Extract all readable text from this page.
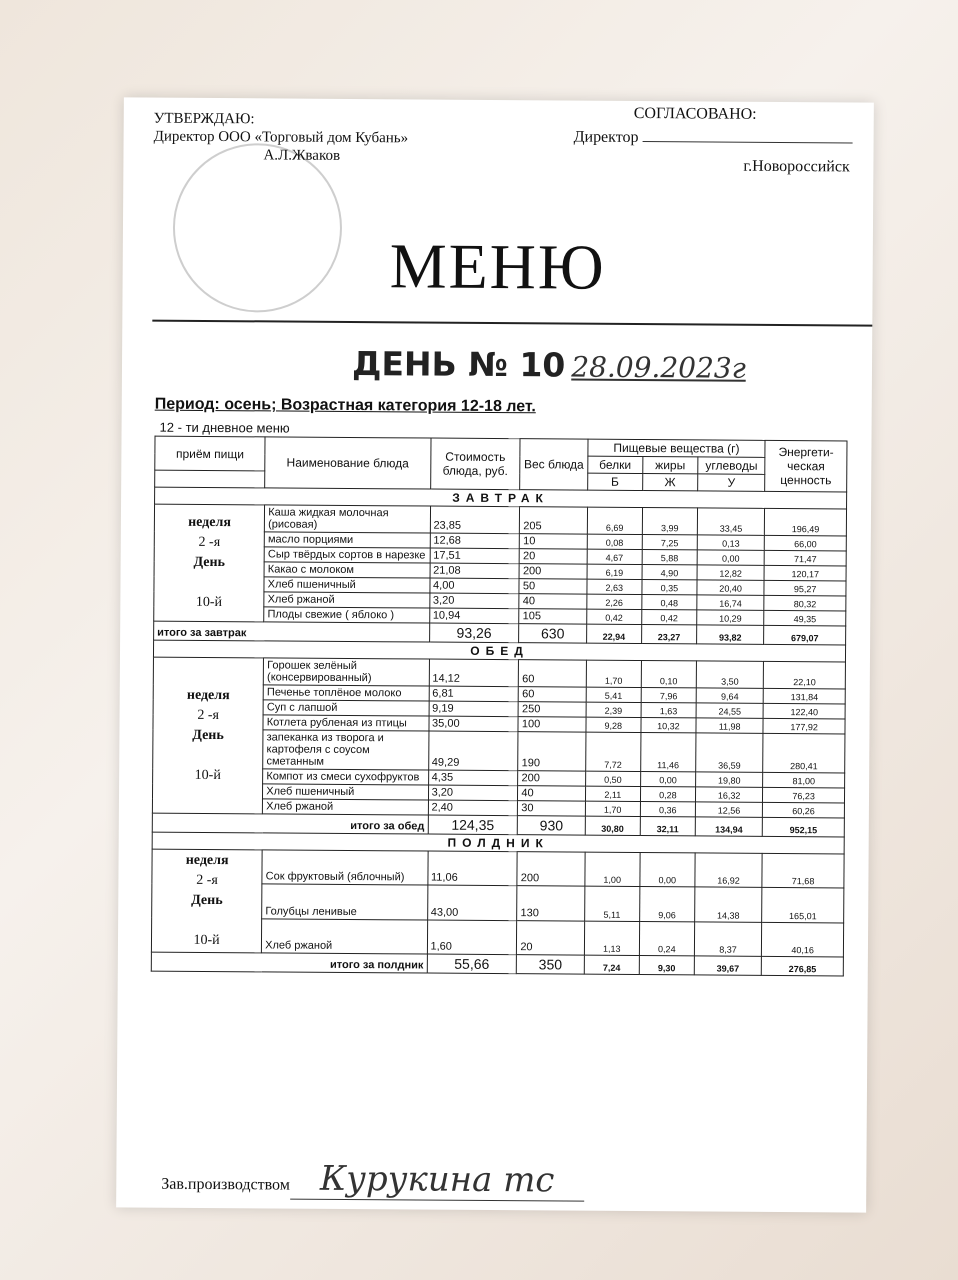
УТВЕРЖДАЮ:
Директор ООО «Торговый дом Кубань»
А.Л.Жваков
СОГЛАСОВАНО:
Директор
г.Новороссийск
МЕНЮ
ДЕНЬ № 10 28.09.2023г
Период: осень; Возрастная категория 12-18 лет.
12 - ти дневное меню
приём пищи	Наименование блюда	Стоимость блюда, руб.	Вес блюда	Пищевые вещества (г)			Энергети-ческая ценность
				белки	жиры	углеводы	
				Б	Ж	У	
ЗАВТРАК							
неделя
2 -я
День

10-й	Каша жидкая молочная (рисовая)	23,85	205	6,69	3,99	33,45	196,49
	масло порциями	12,68	10	0,08	7,25	0,13	66,00
	Сыр твёрдых сортов в нарезке	17,51	20	4,67	5,88	0,00	71,47
	Какао с молоком	21,08	200	6,19	4,90	12,82	120,17
	Хлеб пшеничный	4,00	50	2,63	0,35	20,40	95,27
	Хлеб ржаной	3,20	40	2,26	0,48	16,74	80,32
	Плоды свежие ( яблоко )	10,94	105	0,42	0,42	10,29	49,35
итого за завтрак		93,26	630	22,94	23,27	93,82	679,07
ОБЕД							
неделя
2 -я
День

10-й	Горошек зелёный (консервированный)	14,12	60	1,70	0,10	3,50	22,10
	Печенье топлёное молоко	6,81	60	5,41	7,96	9,64	131,84
	Суп с лапшой	9,19	250	2,39	1,63	24,55	122,40
	Котлета рубленая из птицы	35,00	100	9,28	10,32	11,98	177,92
	запеканка из творога и картофеля с соусом сметанным	49,29	190	7,72	11,46	36,59	280,41
	Компот из смеси сухофруктов	4,35	200	0,50	0,00	19,80	81,00
	Хлеб пшеничный	3,20	40	2,11	0,28	16,32	76,23
	Хлеб ржаной	2,40	30	1,70	0,36	12,56	60,26
итого за обед		124,35	930	30,80	32,11	134,94	952,15
ПОЛДНИК							
неделя
2 -я
День

10-й	Сок фруктовый (яблочный)	11,06	200	1,00	0,00	16,92	71,68
	Голубцы ленивые	43,00	130	5,11	9,06	14,38	165,01
	Хлеб ржаной	1,60	20	1,13	0,24	8,37	40,16
итого за полдник		55,66	350	7,24	9,30	39,67	276,85
Зав.производством Курукина тс
